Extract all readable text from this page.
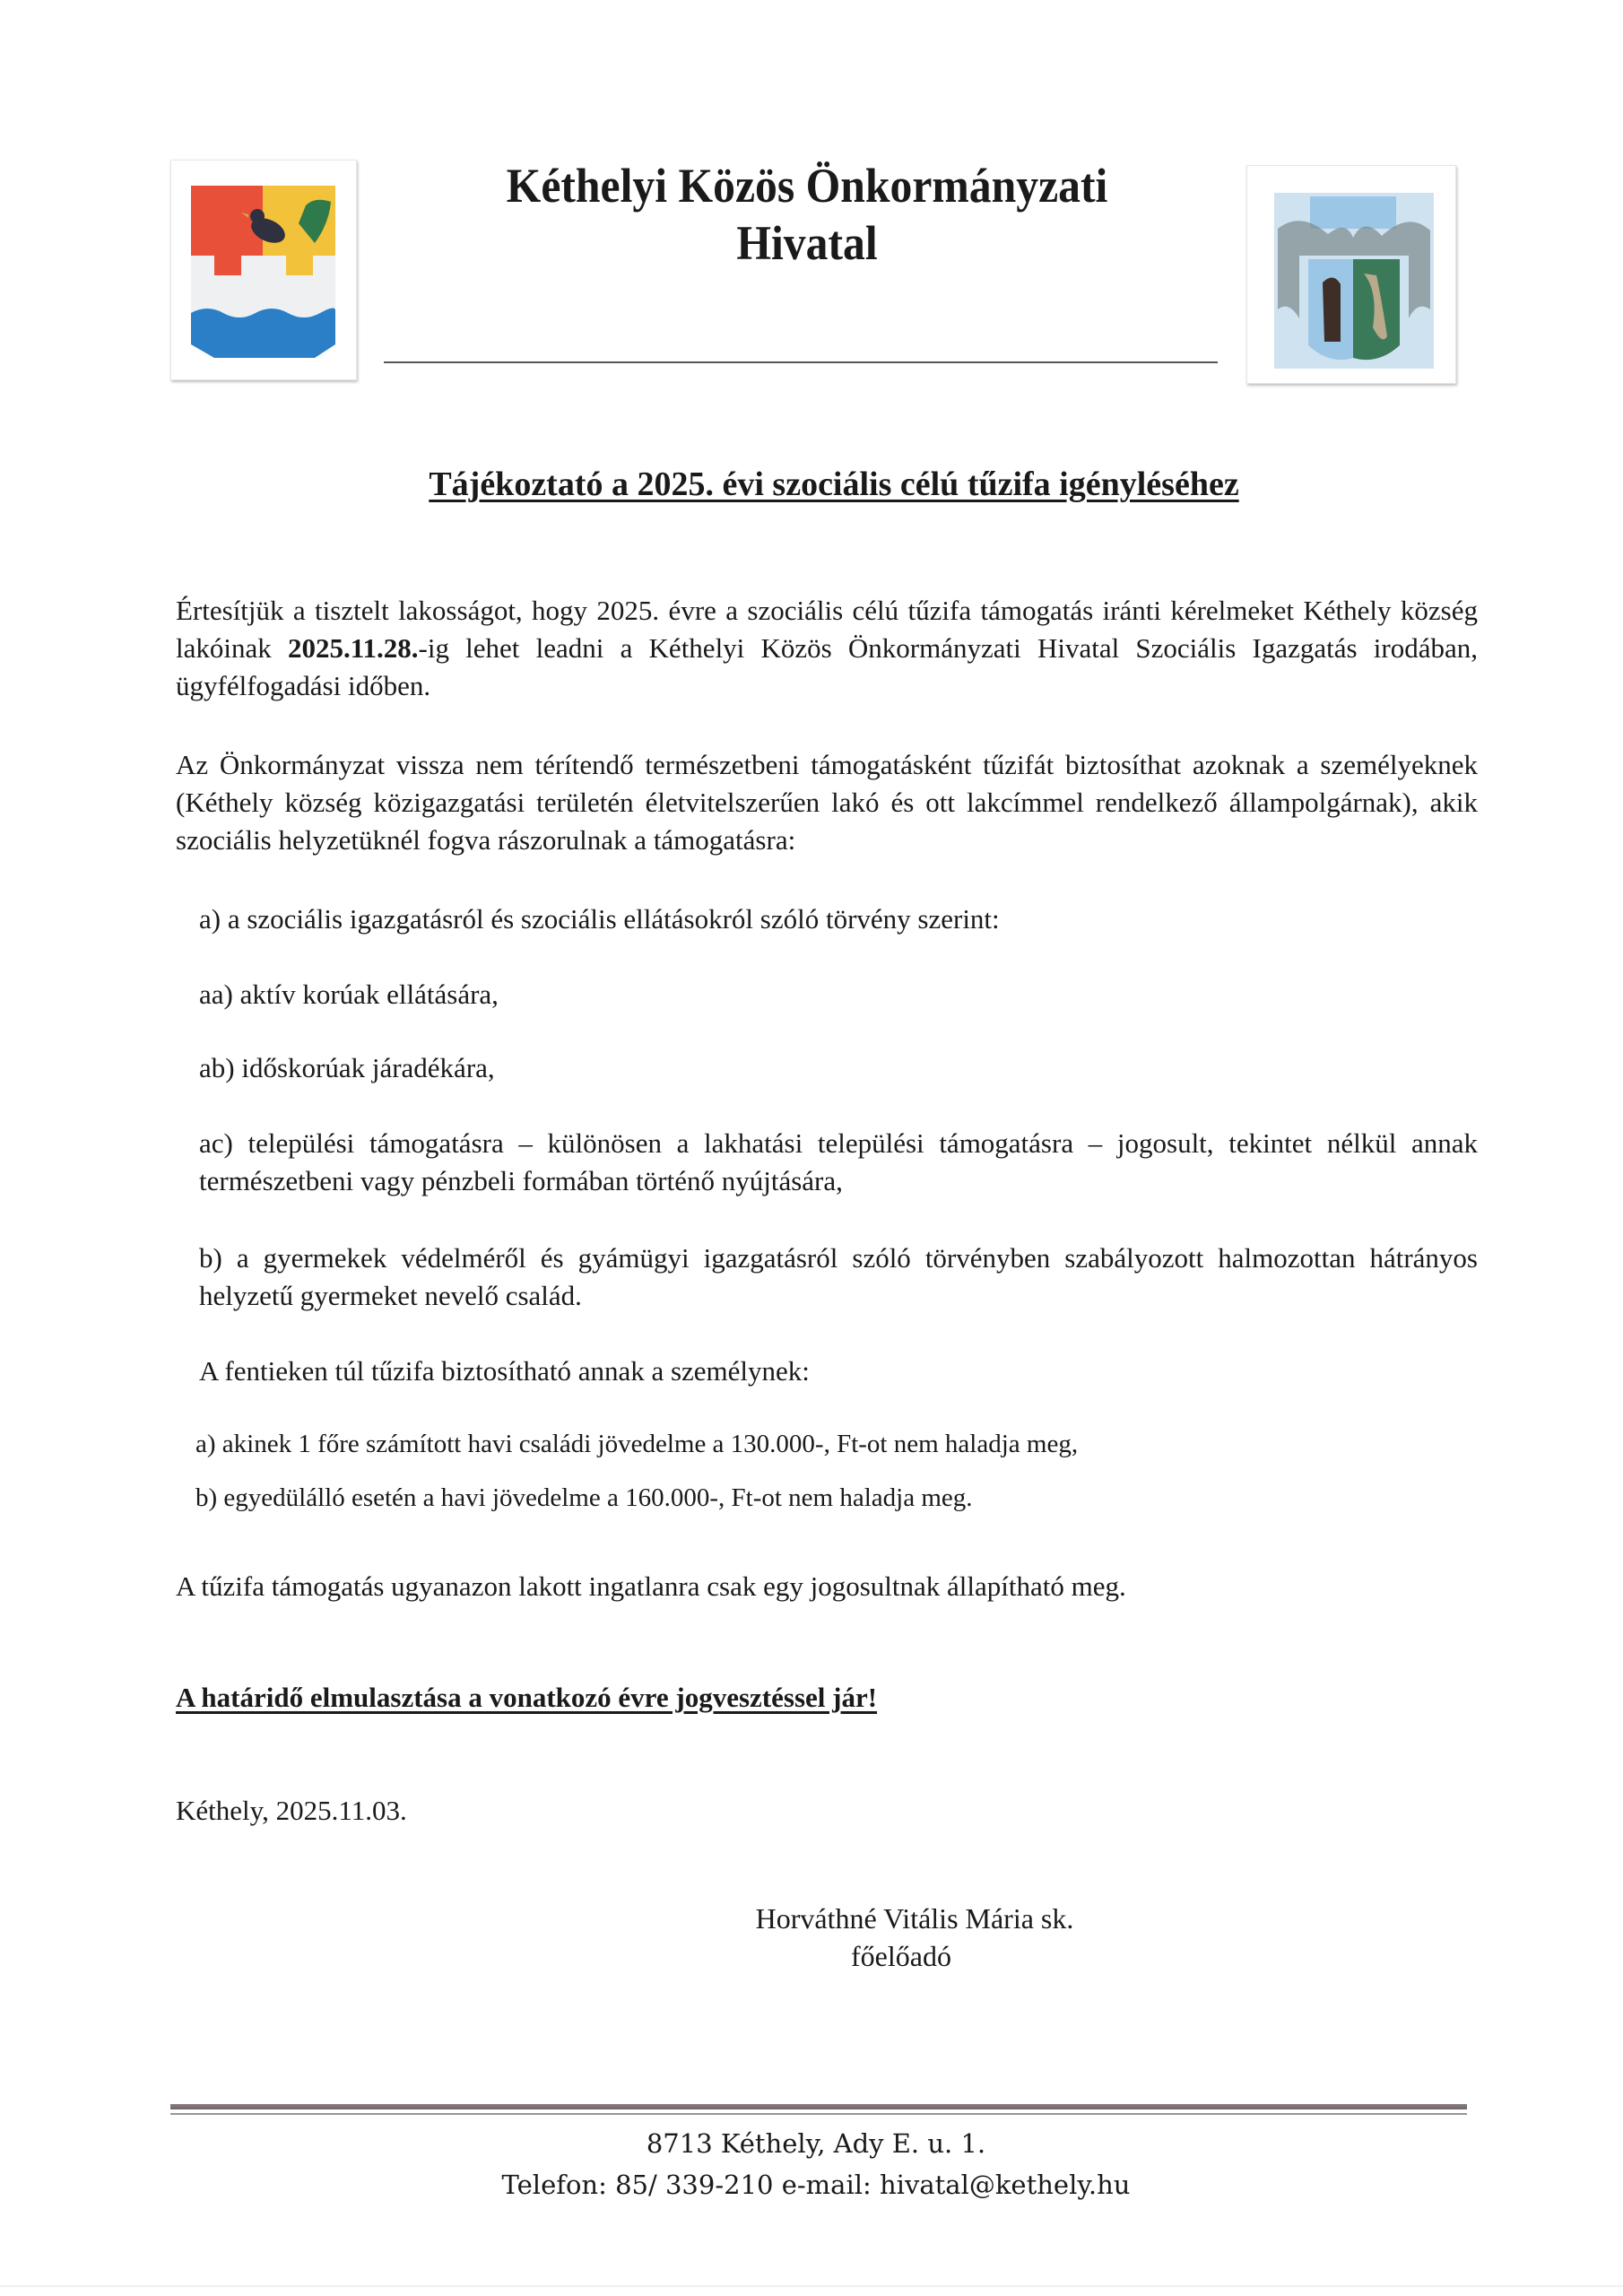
Kéthelyi Közös Önkormányzati
Hivatal
Tájékoztató a 2025. évi szociális célú tűzifa igényléséhez
Értesítjük a tisztelt lakosságot, hogy 2025. évre a szociális célú tűzifa támogatás iránti kérelmeket Kéthely község lakóinak 2025.11.28.-ig lehet leadni a Kéthelyi Közös Önkormányzati Hivatal Szociális Igazgatás irodában, ügyfélfogadási időben.
Az Önkormányzat vissza nem térítendő természetbeni támogatásként tűzifát biztosíthat azoknak a személyeknek (Kéthely község közigazgatási területén életvitelszerűen lakó és ott lakcímmel rendelkező állampolgárnak), akik szociális helyzetüknél fogva rászorulnak a támogatásra:
a) a szociális igazgatásról és szociális ellátásokról szóló törvény szerint:
aa) aktív korúak ellátására,
ab) időskorúak járadékára,
ac) települési támogatásra – különösen a lakhatási települési támogatásra – jogosult, tekintet nélkül annak természetbeni vagy pénzbeli formában történő nyújtására,
b) a gyermekek védelméről és gyámügyi igazgatásról szóló törvényben szabályozott halmozottan hátrányos helyzetű gyermeket nevelő család.
A fentieken túl tűzifa biztosítható annak a személynek:
a) akinek 1 főre számított havi családi jövedelme a 130.000-, Ft-ot nem haladja meg,
b) egyedülálló esetén a havi jövedelme a 160.000-, Ft-ot nem haladja meg.
A tűzifa támogatás ugyanazon lakott ingatlanra csak egy jogosultnak állapítható meg.
A határidő elmulasztása a vonatkozó évre jogvesztéssel jár!
Kéthely, 2025.11.03.
Horváthné Vitális Mária sk.
főelőadó
8713 Kéthely, Ady E. u. 1.
Telefon: 85/ 339-210 e-mail: hivatal@kethely.hu
